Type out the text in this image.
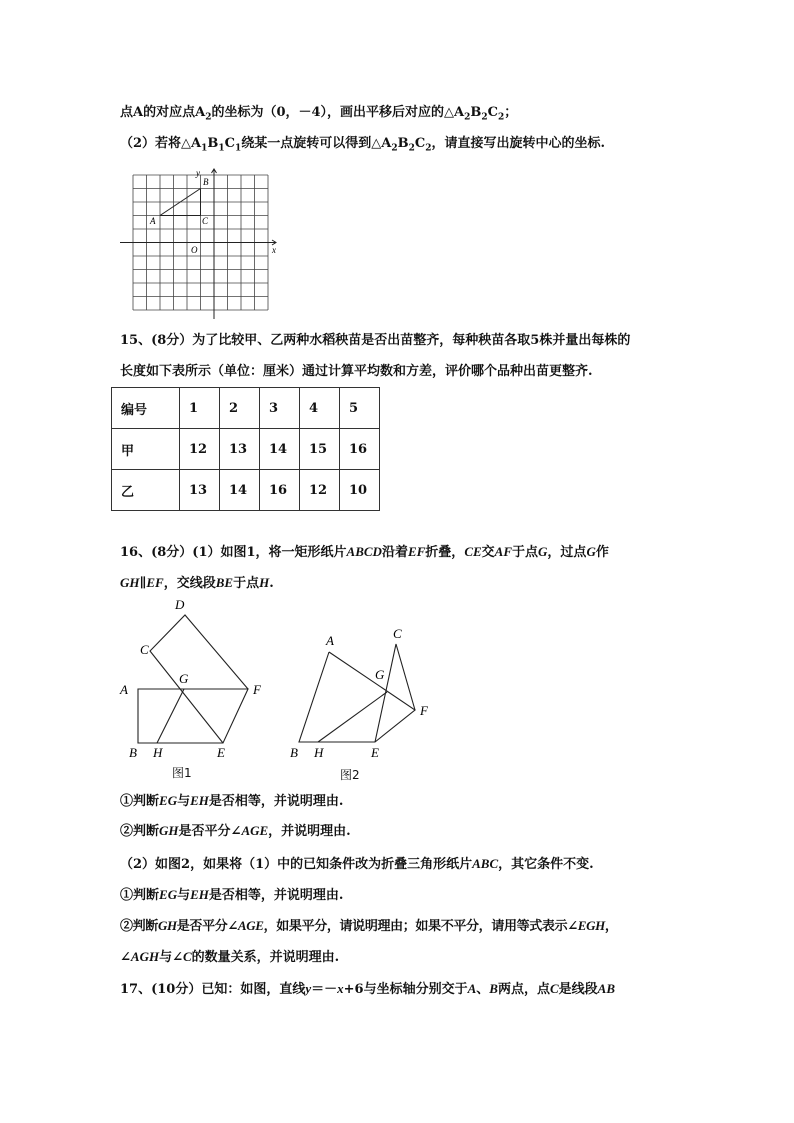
点A的对应点$A_2$的坐标为（0，－4），画出平移后对应的$\triangle A_2B_2C_2$；
（2）若将$\triangle A_1B_1C_1$绕某一点旋转可以得到$\triangle A_2B_2C_2$，请直接写出旋转中心的坐标.
y
x
O
A
B
C
15、(8分）为了比较甲、乙两种水稻秧苗是否出苗整齐，每种秧苗各取5株并量出每株的
长度如下表所示（单位：厘米）通过计算平均数和方差，评价哪个品种出苗更整齐.
编号	1	2	3	4	5
甲	12	13	14	15	16
乙	13	14	16	12	10
16、(8分）(1）如图1，将一矩形纸片ABCD沿着EF折叠，CE交AF于点G，过点G作
GH∥EF，交线段BE于点H.
D
C
A
G
F
B H	E
图1
A	C
G
F
B H	E
图2
①判断EG与EH是否相等，并说明理由.
②判断GH是否平分∠AGE，并说明理由.
（2）如图2，如果将（1）中的已知条件改为折叠三角形纸片ABC，其它条件不变.
①判断EG与EH是否相等，并说明理由.
②判断GH是否平分∠AGE，如果平分，请说明理由；如果不平分，请用等式表示∠EGH，
∠AGH与∠C的数量关系，并说明理由.
17、(10分）已知：如图，直线y＝－x+6与坐标轴分别交于A、B两点，点C是线段AB
